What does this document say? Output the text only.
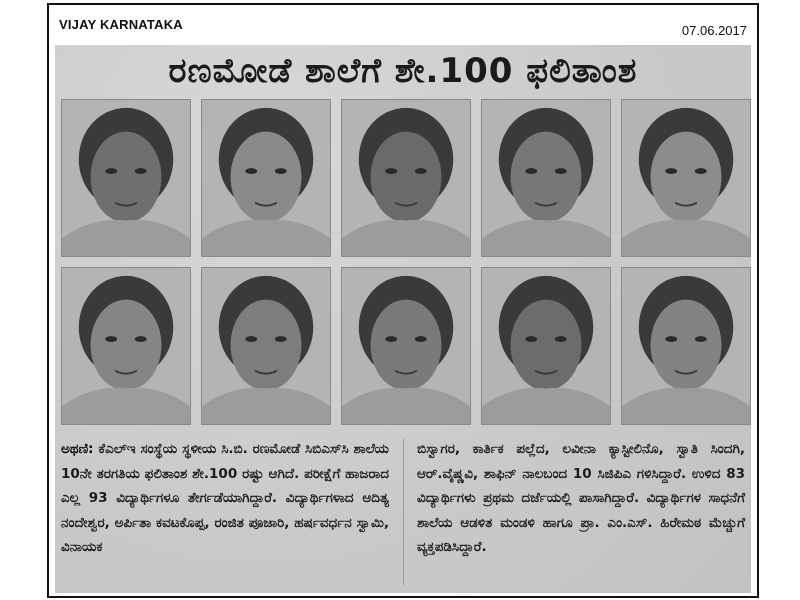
VIJAY KARNATAKA	07.06.2017
ರಣಮೋಡೆ ಶಾಲೆಗೆ ಶೇ.100 ಫಲಿತಾಂಶ
ಅಥಣಿ: ಕೆಎಲ್ಇ ಸಂಸ್ಥೆಯ ಸ್ಥಳೀಯ ಸಿ.ಬಿ. ರಣಮೋಡೆ ಸಿಬಿಎಸ್‌ಸಿ ಶಾಲೆಯ 10ನೇ ತರಗತಿಯ ಫಲಿತಾಂಶ ಶೇ.100 ರಷ್ಟು ಆಗಿದೆ. ಪರೀಕ್ಷೆಗೆ ಹಾಜರಾದ ಎಲ್ಲ 93 ವಿದ್ಯಾರ್ಥಿಗಳೂ ತೇರ್ಗಡೆಯಾಗಿದ್ದಾರೆ. ವಿದ್ಯಾರ್ಥಿಗಳಾದ ಆದಿತ್ಯ ನಂದೇಶ್ವರ, ಅರ್ಪಿತಾ ಕವಟಕೊಪ್ಪ, ರಂಜಿತ ಪೂಜಾರಿ, ಹರ್ಷವರ್ಧನ ಸ್ವಾಮಿ, ವಿನಾಯಕ
ಬಿಸ್ವಾಗರ, ಕಾರ್ತಿಕ ಪಲ್ಲೆದ, ಲವೀನಾ ಕ್ಯಾಸ್ಟೀಲಿನೊ, ಸ್ವಾತಿ ಸಿಂದಗಿ, ಆರ್.ವೈಷ್ಣವಿ, ಶಾಫಿನ್ ನಾಲಬಂದ 10 ಸಿಜಿಪಿಎ ಗಳಿಸಿದ್ದಾರೆ. ಉಳಿದ 83 ವಿದ್ಯಾರ್ಥಿಗಳು ಪ್ರಥಮ ದರ್ಜೆಯಲ್ಲಿ ಪಾಸಾಗಿದ್ದಾರೆ. ವಿದ್ಯಾರ್ಥಿಗಳ ಸಾಧನೆಗೆ ಶಾಲೆಯ ಆಡಳಿತ ಮಂಡಳಿ ಹಾಗೂ ಪ್ರಾ. ಎಂ.ಎಸ್. ಹಿರೇಮಠ ಮೆಚ್ಚುಗೆ ವ್ಯಕ್ತಪಡಿಸಿದ್ದಾರೆ.
